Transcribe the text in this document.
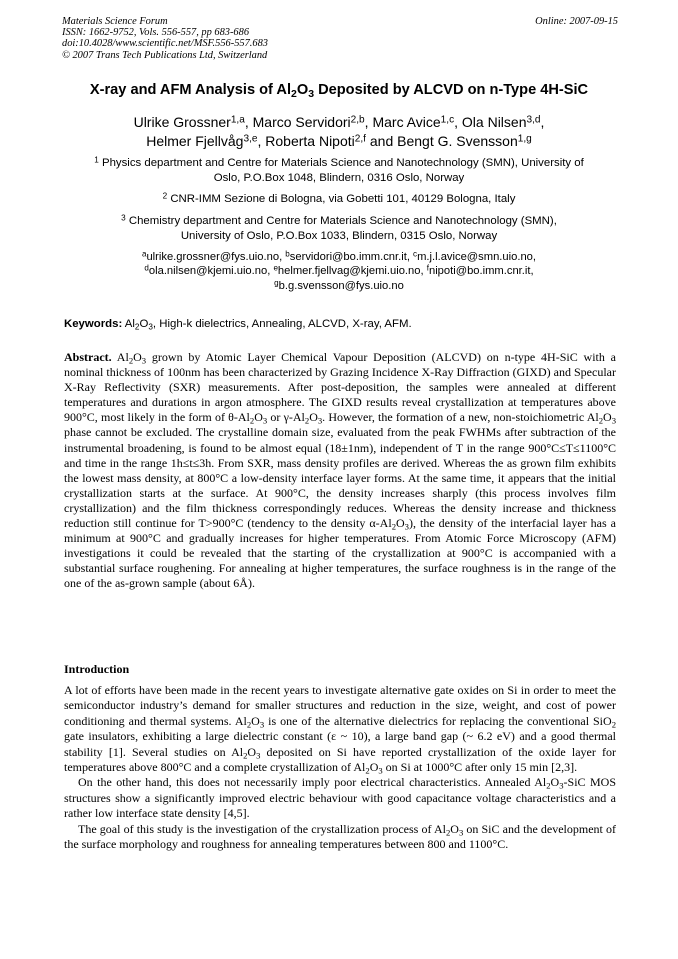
Materials Science Forum
ISSN: 1662-9752, Vols. 556-557, pp 683-686
doi:10.4028/www.scientific.net/MSF.556-557.683
© 2007 Trans Tech Publications Ltd, Switzerland
Online: 2007-09-15
X-ray and AFM Analysis of $Al_2O_3$ Deposited by ALCVD on n-Type 4H-SiC
Ulrike Grossner$^{1,a}$, Marco Servidori$^{2,b}$, Marc Avice$^{1,c}$, Ola Nilsen$^{3,d}$,
Helmer Fjellvåg$^{3,e}$, Roberta Nipoti$^{2,f}$ and Bengt G. Svensson$^{1,g}$
$^1$ Physics department and Centre for Materials Science and Nanotechnology (SMN), University of
Oslo, P.O.Box 1048, Blindern, 0316 Oslo, Norway
$^2$ CNR-IMM Sezione di Bologna, via Gobetti 101, 40129 Bologna, Italy
$^3$ Chemistry department and Centre for Materials Science and Nanotechnology (SMN),
University of Oslo, P.O.Box 1033, Blindern, 0315 Oslo, Norway
$^a$ulrike.grossner@fys.uio.no, $^b$servidori@bo.imm.cnr.it, $^c$m.j.l.avice@smn.uio.no,
$^d$ola.nilsen@kjemi.uio.no, $^e$helmer.fjellvag@kjemi.uio.no, $^f$nipoti@bo.imm.cnr.it,
$^g$b.g.svensson@fys.uio.no
Keywords: $Al_2O_3$, High-k dielectrics, Annealing, ALCVD, X-ray, AFM.
Abstract. $Al_2O_3$ grown by Atomic Layer Chemical Vapour Deposition (ALCVD) on n-type 4H-SiC with a nominal thickness of 100nm has been characterized by Grazing Incidence X-Ray Diffraction (GIXD) and Specular X-Ray Reflectivity (SXR) measurements. After post-deposition, the samples were annealed at different temperatures and durations in argon atmosphere. The GIXD results reveal crystallization at temperatures above 900°C, most likely in the form of $\theta-Al_2O_3$ or $\gamma-Al_2O_3$. However, the formation of a new, non-stoichiometric $Al_2O_3$ phase cannot be excluded. The crystalline domain size, evaluated from the peak FWHMs after subtraction of the instrumental broadening, is found to be almost equal (18±1nm), independent of T in the range 900°C≤T≤1100°C and time in the range 1h≤t≤3h. From SXR, mass density profiles are derived. Whereas the as grown film exhibits the lowest mass density, at 800°C a low-density interface layer forms. At the same time, it appears that the initial crystallization starts at the surface. At 900°C, the density increases sharply (this process involves film crystallization) and the film thickness correspondingly reduces. Whereas the density increase and thickness reduction still continue for T>900°C (tendency to the density $\alpha-Al_2O_3$), the density of the interfacial layer has a minimum at 900°C and gradually increases for higher temperatures. From Atomic Force Microscopy (AFM) investigations it could be revealed that the starting of the crystallization at 900°C is accompanied with a substantial surface roughening. For annealing at higher temperatures, the surface roughness is in the range of the one of the as-grown sample (about 6Å).
Introduction

A lot of efforts have been made in the recent years to investigate alternative gate oxides on Si in order to meet the semiconductor industry’s demand for smaller structures and reduction in the size, weight, and cost of power conditioning and thermal systems. $Al_2O_3$ is one of the alternative dielectrics for replacing the conventional SiO$_2$ gate insulators, exhibiting a large dielectric constant (ε ~ 10), a large band gap (~ 6.2 eV) and a good thermal stability [1]. Several studies on $Al_2O_3$ deposited on Si have reported crystallization of the oxide layer for temperatures above 800°C and a complete crystallization of $Al_2O_3$ on Si at 1000°C after only 15 min [2,3].

On the other hand, this does not necessarily imply poor electrical characteristics. Annealed $Al_2O_3$-SiC MOS structures show a significantly improved electric behaviour with good capacitance voltage characteristics and a rather low interface state density [4,5].

The goal of this study is the investigation of the crystallization process of $Al_2O_3$ on SiC and the development of the surface morphology and roughness for annealing temperatures between 800 and 1100°C.
